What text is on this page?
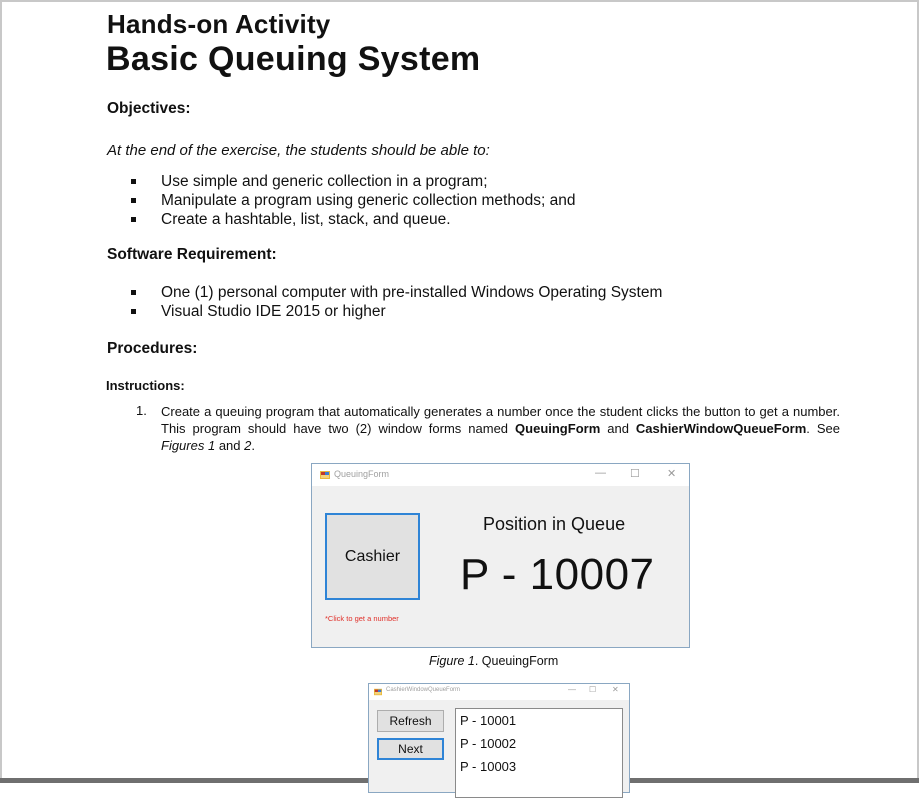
Hands-on Activity
Basic Queuing System
Objectives:
At the end of the exercise, the students should be able to:
Use simple and generic collection in a program;
Manipulate a program using generic collection methods; and
Create a hashtable, list, stack, and queue.
Software Requirement:
One (1) personal computer with pre-installed Windows Operating System
Visual Studio IDE 2015 or higher
Procedures:
Instructions:
1. Create a queuing program that automatically generates a number once the student clicks the button to get a number. This program should have two (2) window forms named QueuingForm and CashierWindowQueueForm. See Figures 1 and 2.
QueuingForm	— ☐ ✕
Cashier
*Click to get a number
Position in Queue
P - 10007
Figure 1. QueuingForm
CashierWindowQueueForm	— ☐ ✕
Refresh
Next
P - 10001
P - 10002
P - 10003
